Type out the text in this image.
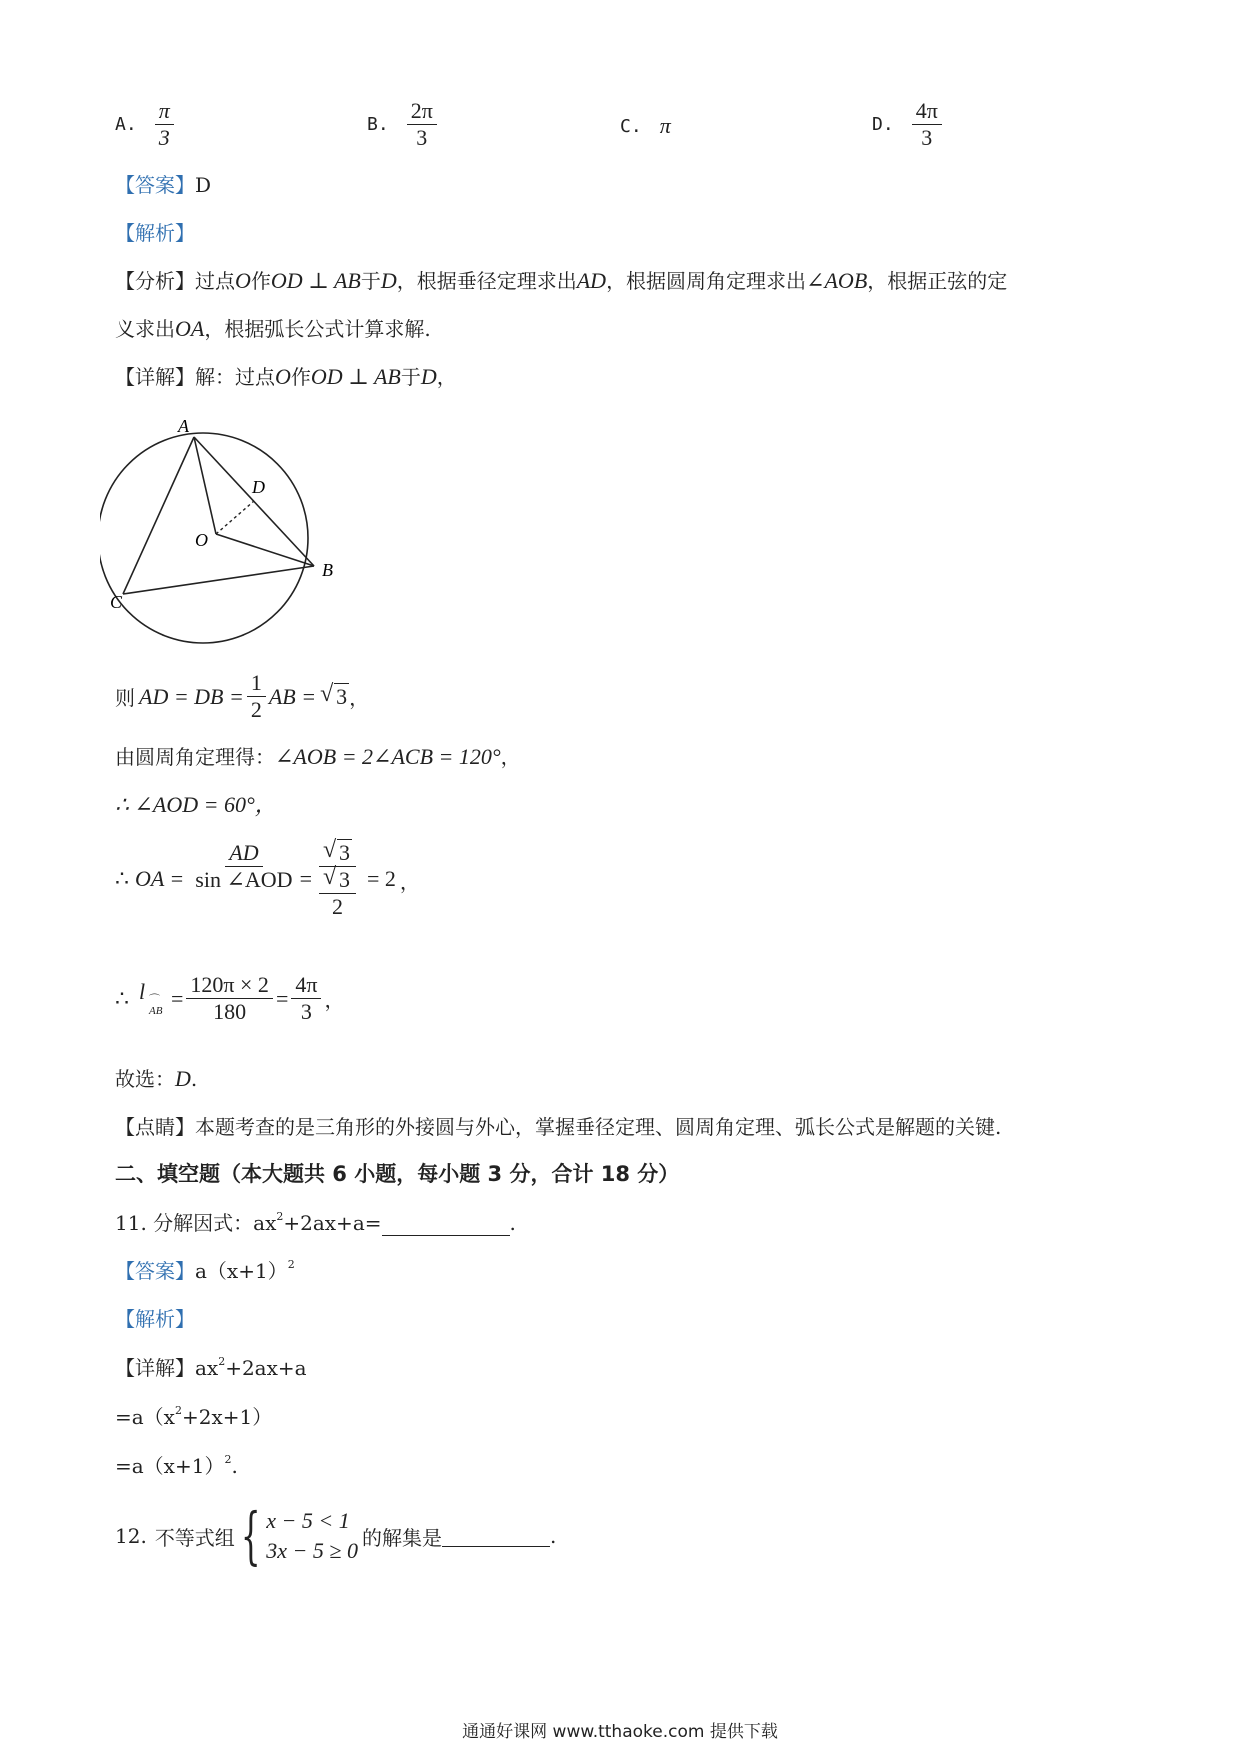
A. $\frac{\pi}{3}$	B. $\frac{2\pi}{3}$	C. π	D. $\frac{4\pi}{3}$
【答案】D
【解析】
【分析】过点O作OD ⊥ AB于D，根据垂径定理求出AD，根据圆周角定理求出∠AOB，根据正弦的定
义求出OA，根据弧长公式计算求解.
【详解】解：过点O作OD ⊥ AB于D，
A
D
O
B
C
则 AD = DB = $\frac{1}{2}$ AB = √ 3 ，
由圆周角定理得：∠AOB = 2∠ACB = 120°，
∴ ∠AOD = 60°，
∴ OA = $\frac{AD}{\text{sin ∠AOD}}$ = √ 3
√ 3
2 = 2 ，
∴ l ⌒
AB = $\frac{120\pi \times 2}{180} = \frac{4\pi}{3}$ ，
故选：D.
【点睛】本题考查的是三角形的外接圆与外心，掌握垂径定理、圆周角定理、弧长公式是解题的关键.
二、填空题（本大题共 6 小题，每小题 3 分，合计 18 分）
11. 分解因式：$ax^2+2ax+a=$	.
【答案】$a(x+1)^2$
【解析】
【详解】$ax^2+2ax+a$
$=a(x^2+2x+1)$
$=a(x+1)^2$.
12. 不等式组 { x − 5 < 1
3x − 5 ≥ 0
的解集是	.
通通好课网 www.tthaoke.com 提供下载
